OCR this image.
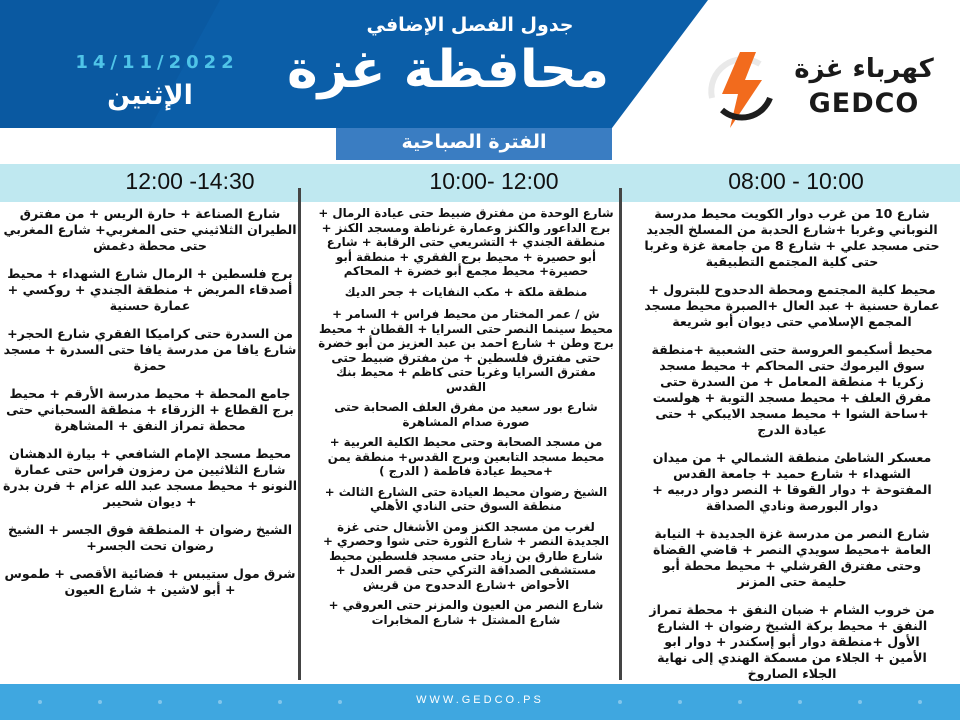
جدول الفصل الإضافي
محافظة غزة
14/11/2022
الإثنين
كهرباء غزة
GEDCO
الفترة الصباحية
08:00 - 10:00
10:00- 12:00
12:00 -14:30

شارع 10 من غرب دوار الكويت محيط مدرسة النوباني وغربا +شارع الحدبة من المسلخ الجديد حتى مسجد علي + شارع 8 من جامعة غزة وغربا حتى كلية المجتمع التطبيقية

محيط كلية المجتمع ومحطة الدحدوح للبترول + عمارة حسنية + عبد العال +الصبرة محيط مسجد المجمع الإسلامي حتى ديوان أبو شريعة

محيط أسكيمو العروسة حتى الشعبية +منطقة سوق اليرموك حتى المحاكم + محيط مسجد زكريا + منطقة المعامل + من السدرة حتى مفرق العلف + محيط مسجد التوبة + هولست +ساحة الشوا + محيط مسجد الايبكي + حتى عيادة الدرج

معسكر الشاطئ منطقة الشمالي + من ميدان الشهداء + شارع حميد + جامعة القدس المفتوحة + دوار القوقا + النصر دوار دربيه + دوار البورصة ونادي الصداقة

شارع النصر من مدرسة غزة الجديدة + النيابة العامة +محيط سويدي النصر + قاضي القضاة وحتى مفترق القرشلي + محيط محطة أبو حليمة حتى المزنر

من خروب الشام + ضبان النفق + محطة تمراز النفق + محيط بركة الشيخ رضوان + الشارع الأول +منطقة دوار أبو إسكندر + دوار ابو الأمين + الجلاء من مسمكة الهندي إلى نهاية الجلاء الصاروخ

شارع الوحدة من مفترق ضبيط حتى عيادة الرمال + برج الداعور والكنز وعمارة غرناطة ومسجد الكنز + منطقة الجندي + التشريعي حتى الرقابة + شارع أبو حصيرة + محيط برج الفقري + منطقة أبو حصيرة+ محيط مجمع أبو خضرة + المحاكم

منطقة ملكة + مكب النفايات + جحر الديك

ش / عمر المختار من محيط فراس + السامر + محيط سينما النصر حتى السرايا + القطان + محيط برج وطن + شارع احمد بن عبد العزيز من أبو خضرة حتى مفترق فلسطين + من مفترق ضبيط حتى مفترق السرايا وغربا حتى كاظم + محيط بنك القدس

شارع بور سعيد من مفرق العلف الصحابة حتى صورة صدام المشاهرة

من مسجد الصحابة وحتى محيط الكلية العربية + محيط مسجد التابعين وبرج القدس+ منطقة يمن +محيط عيادة فاطمة ( الدرج )

الشيخ رضوان محيط العيادة حتى الشارع الثالث + منطقة السوق حتى النادي الأهلي

لغرب من مسجد الكنز ومن الأشغال حتى غزة الجديدة النصر + شارع الثورة حتى شوا وحصري + شارع طارق بن زياد حتى مسجد فلسطين محيط مستشفى الصداقة التركي حتى قصر العدل + الأحواض +شارع الدحدوح من قريش

شارع النصر من العيون والمزنر حتى العروقي + شارع المشتل + شارع المخابرات

شارع الصناعة + حارة الريس + من مفترق الطيران الثلاثيني حتى المغربي+ شارع المغربي حتى محطة دغمش

برج فلسطين + الرمال شارع الشهداء + محيط أصدقاء المريض + منطقة الجندي + روكسي + عمارة حسنية

من السدرة حتى كراميكا الفقري شارع الحجر+ شارع يافا من مدرسة يافا حتى السدرة + مسجد حمزة

جامع المحطة + محيط مدرسة الأرقم + محيط برج القطاع + الزرقاء + منطقة السحباني حتى محطة تمراز النفق + المشاهرة

محيط مسجد الإمام الشافعي + بيارة الدهشان شارع الثلاثيين من رمزون فراس حتى عمارة النونو + محيط مسجد عبد الله عزام + فرن بدرة + ديوان شحيبر

الشيخ رضوان + المنطقة فوق الجسر + الشيخ رضوان تحت الجسر+

شرق مول ستيبس + فضائية الأقصى + طموس + أبو لاشين + شارع العيون

WWW.GEDCO.PS
